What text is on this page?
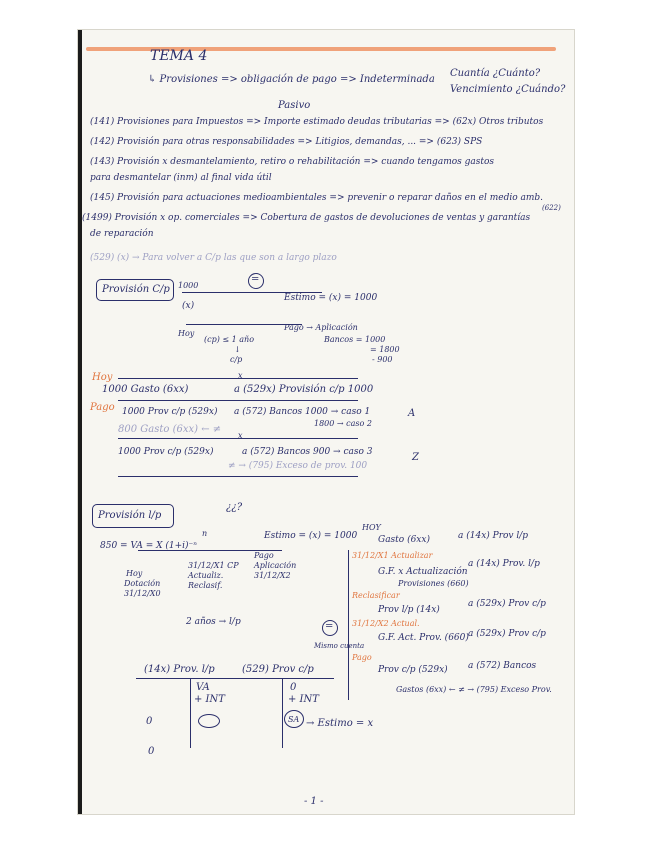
TEMA 4
↳ Provisiones => obligación de pago => Indeterminada
Cuantía ¿Cuánto?
Vencimiento ¿Cuándo?
Pasivo
(141) Provisiones para Impuestos => Importe estimado deudas tributarias => (62x) Otros tributos
(142) Provisión para otras responsabilidades => Litigios, demandas, ... => (623) SPS
(143) Provisión x desmantelamiento, retiro o rehabilitación => cuando tengamos gastos
para desmantelar (inm) al final vida útil
(145) Provisión para actuaciones medioambientales => prevenir o reparar daños en el medio amb.
(622)
(1499) Provisión x op. comerciales => Cobertura de gastos de devoluciones de ventas y garantías
de reparación
(529) (x) → Para volver a C/p las que son a largo plazo
Provisión C/p 1000
=
(x)
Estimo = (x) = 1000
Hoy
Pago → Aplicación
Bancos = 1000
= 1800
- 900
(cp) ≤ 1 año
↓
c/p
Hoy	x
1000 Gasto (6xx)	a (529x) Provisión c/p 1000
Pago 1000 Prov c/p (529x) a (572) Bancos 1000 → caso 1
1800 → caso 2
800 Gasto (6xx) ← ≠
A
x
1000 Prov c/p (529x)	a (572) Bancos 900 → caso 3
≠ → (795) Exceso de prov. 100
Z
Provisión l/p
¿¿?
n
850 = VA = X (1+i)⁻ⁿ
Estimo = (x) = 1000
Hoy
Dotación
31/12/X0
31/12/X1 CP
Actualiz.
Reclasif.
Pago
Aplicación
31/12/X2
2 años → l/p
HOY
Gasto (6xx)	a (14x) Prov l/p
31/12/X1 Actualizar
G.F. x Actualización
a (14x) Prov. l/p
Provisiones (660)
Reclasificar
Prov l/p (14x)
a (529x) Prov c/p
31/12/X2 Actual.
G.F. Act. Prov. (660) a (529x) Prov c/p
Pago
Prov c/p (529x) a (572) Bancos
Gastos (6xx) ← ≠ → (795) Exceso Prov.
=
Mismo cuenta
(14x) Prov. l/p
VA
+ INT
0
0
(529) Prov c/p
0
+ INT
SA → Estimo = x
- 1 -
